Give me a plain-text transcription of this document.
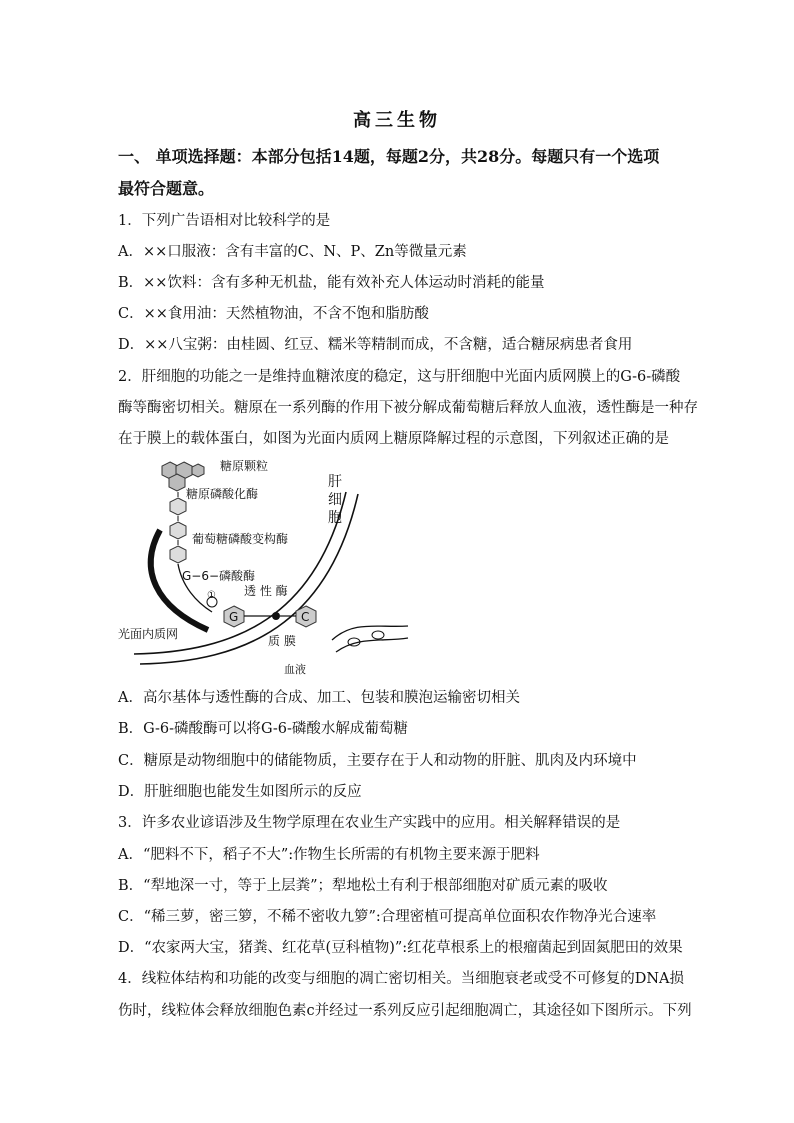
高三生物
一、 单项选择题：本部分包括14题，每题2分，共28分。每题只有一个选项
最符合题意。
1．下列广告语相对比较科学的是
A．××口服液：含有丰富的C、N、P、Zn等微量元素
B．××饮料：含有多种无机盐，能有效补充人体运动时消耗的能量
C．××食用油：天然植物油，不含不饱和脂肪酸
D．××八宝粥：由桂圆、红豆、糯米等精制而成，不含糖，适合糖尿病患者食用
2．肝细胞的功能之一是维持血糖浓度的稳定，这与肝细胞中光面内质网膜上的G-6-磷酸
酶等酶密切相关。糖原在一系列酶的作用下被分解成葡萄糖后释放人血液，透性酶是一种存
在于膜上的载体蛋白，如图为光面内质网上糖原降解过程的示意图，下列叙述正确的是
G	C
糖原颗粒
糖原磷酸化酶
葡萄糖磷酸变构酶
G−6−磷酸酶
透 性 酶
①
光面内质网	质 膜
血液
肝
细
胞
A．高尔基体与透性酶的合成、加工、包装和膜泡运输密切相关
B．G-6-磷酸酶可以将G-6-磷酸水解成葡萄糖
C．糖原是动物细胞中的储能物质，主要存在于人和动物的肝脏、肌肉及内环境中
D．肝脏细胞也能发生如图所示的反应
3．许多农业谚语涉及生物学原理在农业生产实践中的应用。相关解释错误的是
A．“肥料不下，稻子不大”:作物生长所需的有机物主要来源于肥料
B．“犁地深一寸，等于上层粪”；犁地松土有利于根部细胞对矿质元素的吸收
C．“稀三萝，密三箩，不稀不密收九箩”:合理密植可提高单位面积农作物净光合速率
D．“农家两大宝，猪粪、红花草(豆科植物)”:红花草根系上的根瘤菌起到固氮肥田的效果
4．线粒体结构和功能的改变与细胞的凋亡密切相关。当细胞衰老或受不可修复的DNA损
伤时，线粒体会释放细胞色素c并经过一系列反应引起细胞凋亡，其途径如下图所示。下列
